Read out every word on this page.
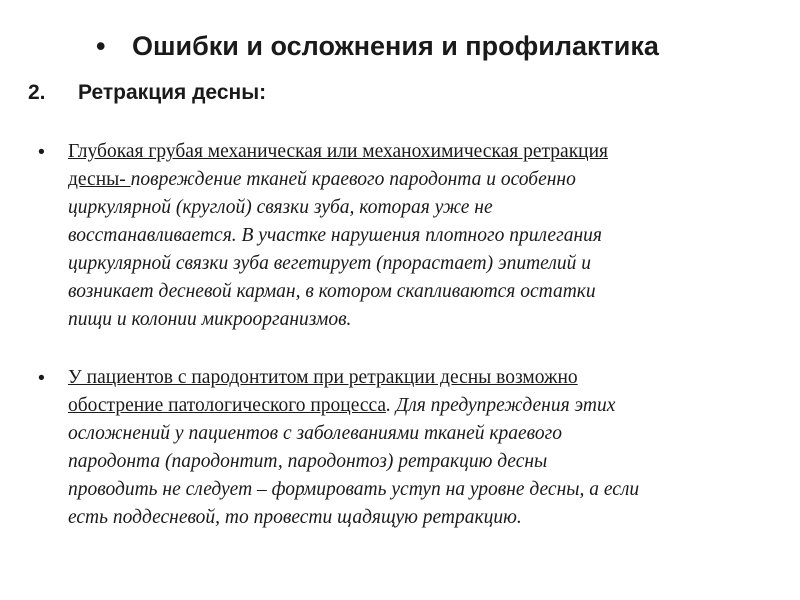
• Ошибки и осложнения и профилактика
2. Ретракция десны:
•	Глубокая грубая механическая или механохимическая ретракция
десны- повреждение тканей краевого пародонта и особенно
циркулярной (круглой) связки зуба, которая уже не
восстанавливается. В участке нарушения плотного прилегания
циркулярной связки зуба вегетирует (прорастает) эпителий и
возникает десневой карман, в котором скапливаются остатки
пищи и колонии микроорганизмов.
•	У пациентов с пародонтитом при ретракции десны возможно
обострение патологического процесса. Для предупреждения этих
осложнений у пациентов с заболеваниями тканей краевого
пародонта (пародонтит, пародонтоз) ретракцию десны
проводить не следует – формировать уступ на уровне десны, а если
есть поддесневой, то провести щадящую ретракцию.
